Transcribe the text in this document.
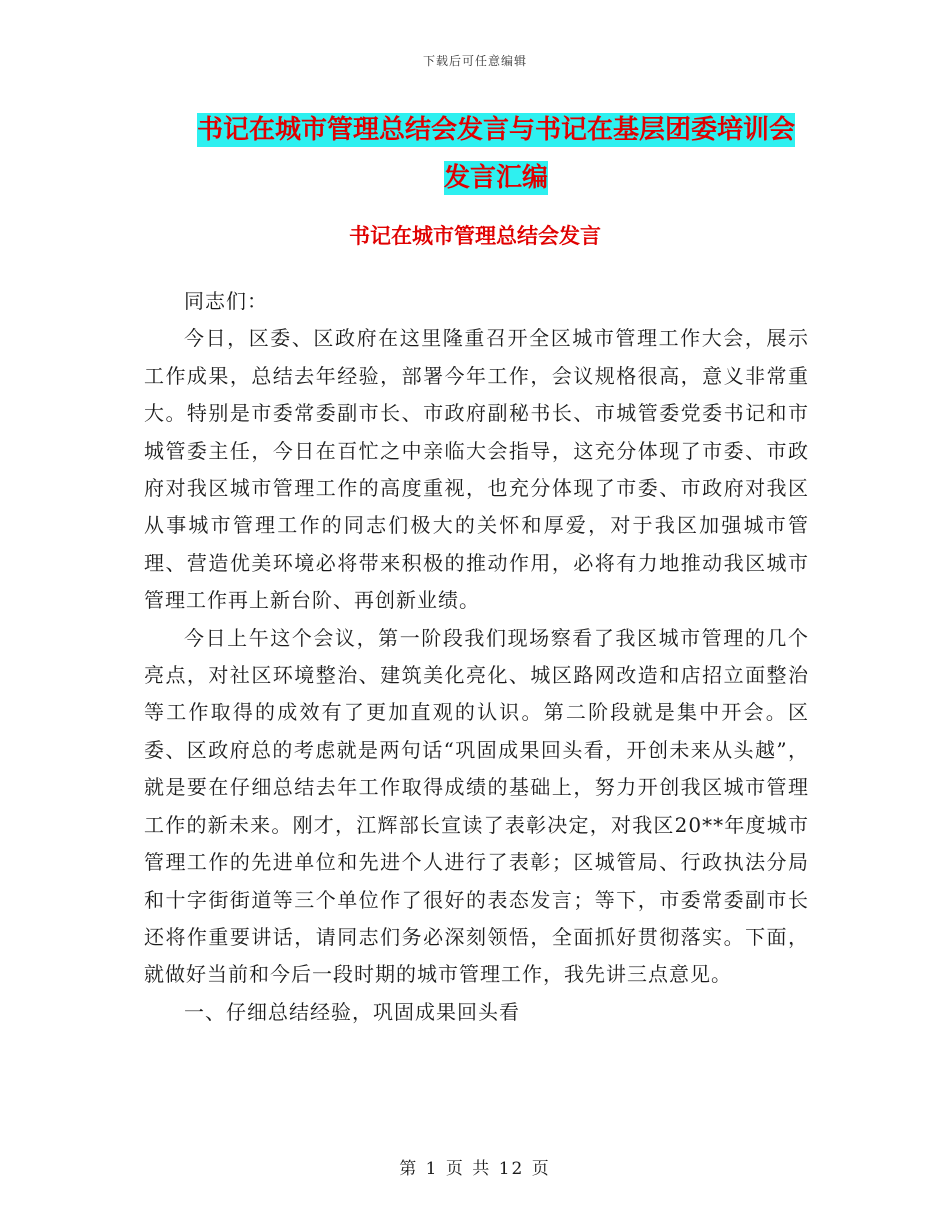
下载后可任意编辑
书记在城市管理总结会发言与书记在基层团委培训会发言汇编
书记在城市管理总结会发言

同志们：

今日，区委、区政府在这里隆重召开全区城市管理工作大会，展示工作成果，总结去年经验，部署今年工作，会议规格很高，意义非常重大。特别是市委常委副市长、市政府副秘书长、市城管委党委书记和市城管委主任，今日在百忙之中亲临大会指导，这充分体现了市委、市政府对我区城市管理工作的高度重视，也充分体现了市委、市政府对我区从事城市管理工作的同志们极大的关怀和厚爱，对于我区加强城市管理、营造优美环境必将带来积极的推动作用，必将有力地推动我区城市管理工作再上新台阶、再创新业绩。

今日上午这个会议，第一阶段我们现场察看了我区城市管理的几个亮点，对社区环境整治、建筑美化亮化、城区路网改造和店招立面整治等工作取得的成效有了更加直观的认识。第二阶段就是集中开会。区委、区政府总的考虑就是两句话“巩固成果回头看，开创未来从头越”，就是要在仔细总结去年工作取得成绩的基础上，努力开创我区城市管理工作的新未来。刚才，江辉部长宣读了表彰决定，对我区20**年度城市管理工作的先进单位和先进个人进行了表彰；区城管局、行政执法分局和十字街街道等三个单位作了很好的表态发言；等下，市委常委副市长还将作重要讲话，请同志们务必深刻领悟，全面抓好贯彻落实。下面，就做好当前和今后一段时期的城市管理工作，我先讲三点意见。

一、仔细总结经验，巩固成果回头看

第 1 页 共 12 页
